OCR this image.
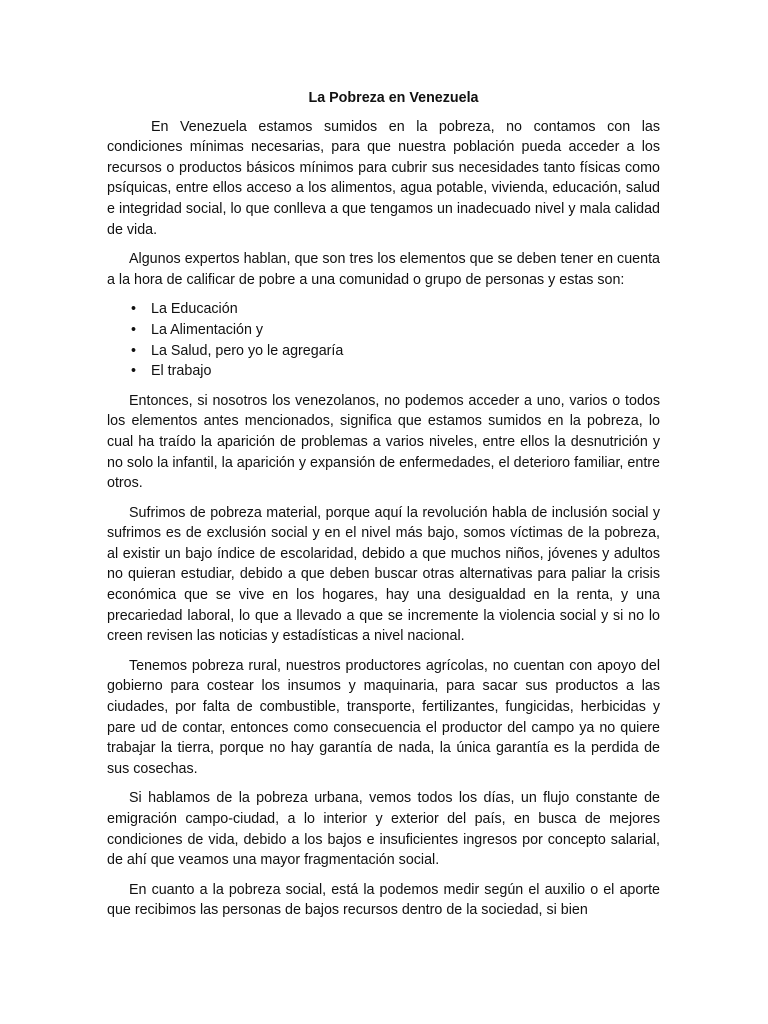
La Pobreza en Venezuela

En Venezuela estamos sumidos en la pobreza, no contamos con las condiciones mínimas necesarias, para que nuestra población pueda acceder a los recursos o productos básicos mínimos para cubrir sus necesidades tanto físicas como psíquicas, entre ellos acceso a los alimentos, agua potable, vivienda, educación, salud e integridad social, lo que conlleva a que tengamos un inadecuado nivel y mala calidad de vida.

Algunos expertos hablan, que son tres los elementos que se deben tener en cuenta a la hora de calificar de pobre a una comunidad o grupo de personas y estas son:

• La Educación
• La Alimentación y
• La Salud, pero yo le agregaría
• El trabajo

Entonces, si nosotros los venezolanos, no podemos acceder a uno, varios o todos los elementos antes mencionados, significa que estamos sumidos en la pobreza, lo cual ha traído la aparición de problemas a varios niveles, entre ellos la desnutrición y no solo la infantil, la aparición y expansión de enfermedades, el deterioro familiar, entre otros.

Sufrimos de pobreza material, porque aquí la revolución habla de inclusión social y sufrimos es de exclusión social y en el nivel más bajo, somos víctimas de la pobreza, al existir un bajo índice de escolaridad, debido a que muchos niños, jóvenes y adultos no quieran estudiar, debido a que deben buscar otras alternativas para paliar la crisis económica que se vive en los hogares, hay una desigualdad en la renta, y una precariedad laboral, lo que a llevado a que se incremente la violencia social y si no lo creen revisen las noticias y estadísticas a nivel nacional.

Tenemos pobreza rural, nuestros productores agrícolas, no cuentan con apoyo del gobierno para costear los insumos y maquinaria, para sacar sus productos a las ciudades, por falta de combustible, transporte, fertilizantes, fungicidas, herbicidas y pare ud de contar, entonces como consecuencia el productor del campo ya no quiere trabajar la tierra, porque no hay garantía de nada, la única garantía es la perdida de sus cosechas.

Si hablamos de la pobreza urbana, vemos todos los días, un flujo constante de emigración campo-ciudad, a lo interior y exterior del país, en busca de mejores condiciones de vida, debido a los bajos e insuficientes ingresos por concepto salarial, de ahí que veamos una mayor fragmentación social.

En cuanto a la pobreza social, está la podemos medir según el auxilio o el aporte que recibimos las personas de bajos recursos dentro de la sociedad, si bien
